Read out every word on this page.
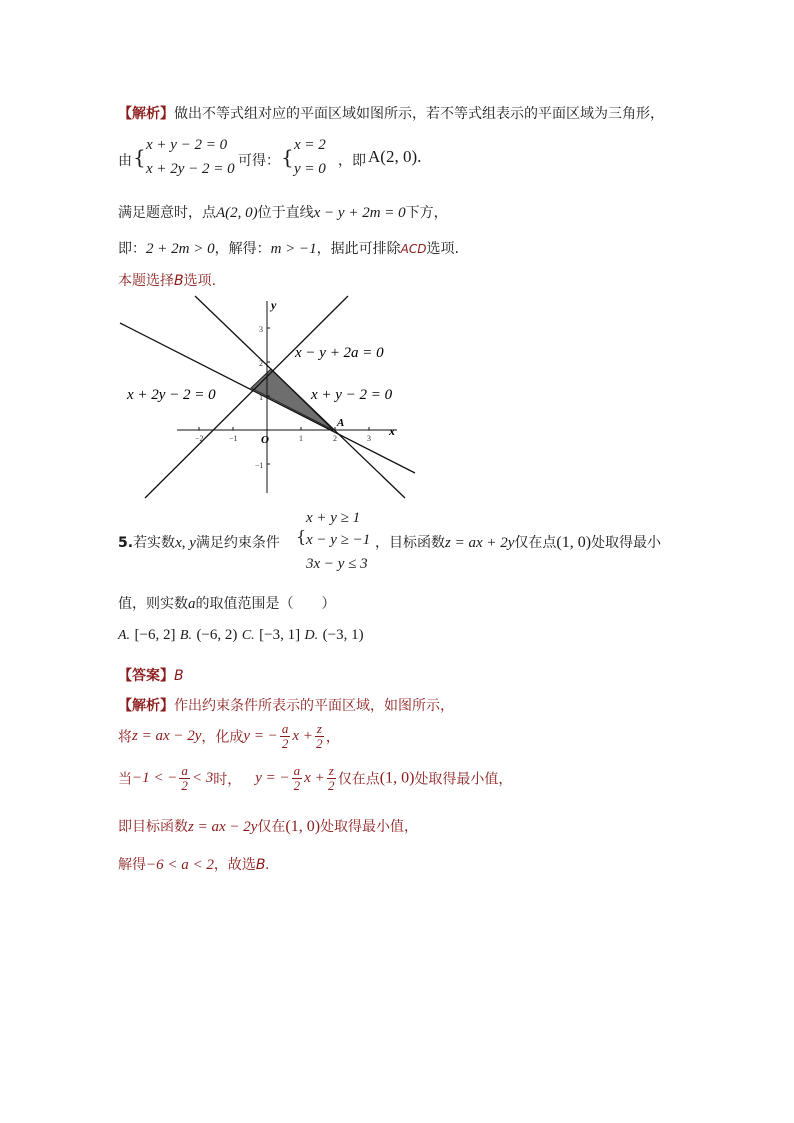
【解析】做出不等式组对应的平面区域如图所示，若不等式组表示的平面区域为三角形，
由 { x + y − 2 = 0
x + 2y − 2 = 0 可得： { x = 2
y = 0 ，即 A(2, 0).
满足题意时，点A(2, 0)位于直线x − y + 2m = 0下方，
即：2 + 2m > 0，解得：m > −1，据此可排除ACD选项.
本题选择B选项.
−2	−1	1	2	3
3
2
1
−1
y
x
O
A
x − y + 2a = 0
x + y − 2 = 0
x + 2y − 2 = 0
x + y ≥ 1
5.若实数x, y满足约束条件 { x − y ≥ −1 ，目标函数z = ax + 2y仅在点(1, 0)处取得最小
3x − y ≤ 3
值，则实数a的取值范围是（　　）
A. [−6, 2] B. (−6, 2) C. [−3, 1] D. (−3, 1)
【答案】B
【解析】作出约束条件所表示的平面区域，如图所示，
将z = ax − 2y，化成y = − $\frac{a}{2}$ $x + \frac{z}{2}$ ，
当−1 < − $\frac{a}{2} < 3$时， y = − $\frac{a}{2}$ $x + \frac{z}{2}$ 仅在点(1, 0)处取得最小值，
即目标函数z = ax − 2y仅在(1, 0)处取得最小值，
解得−6 < a < 2，故选B.
